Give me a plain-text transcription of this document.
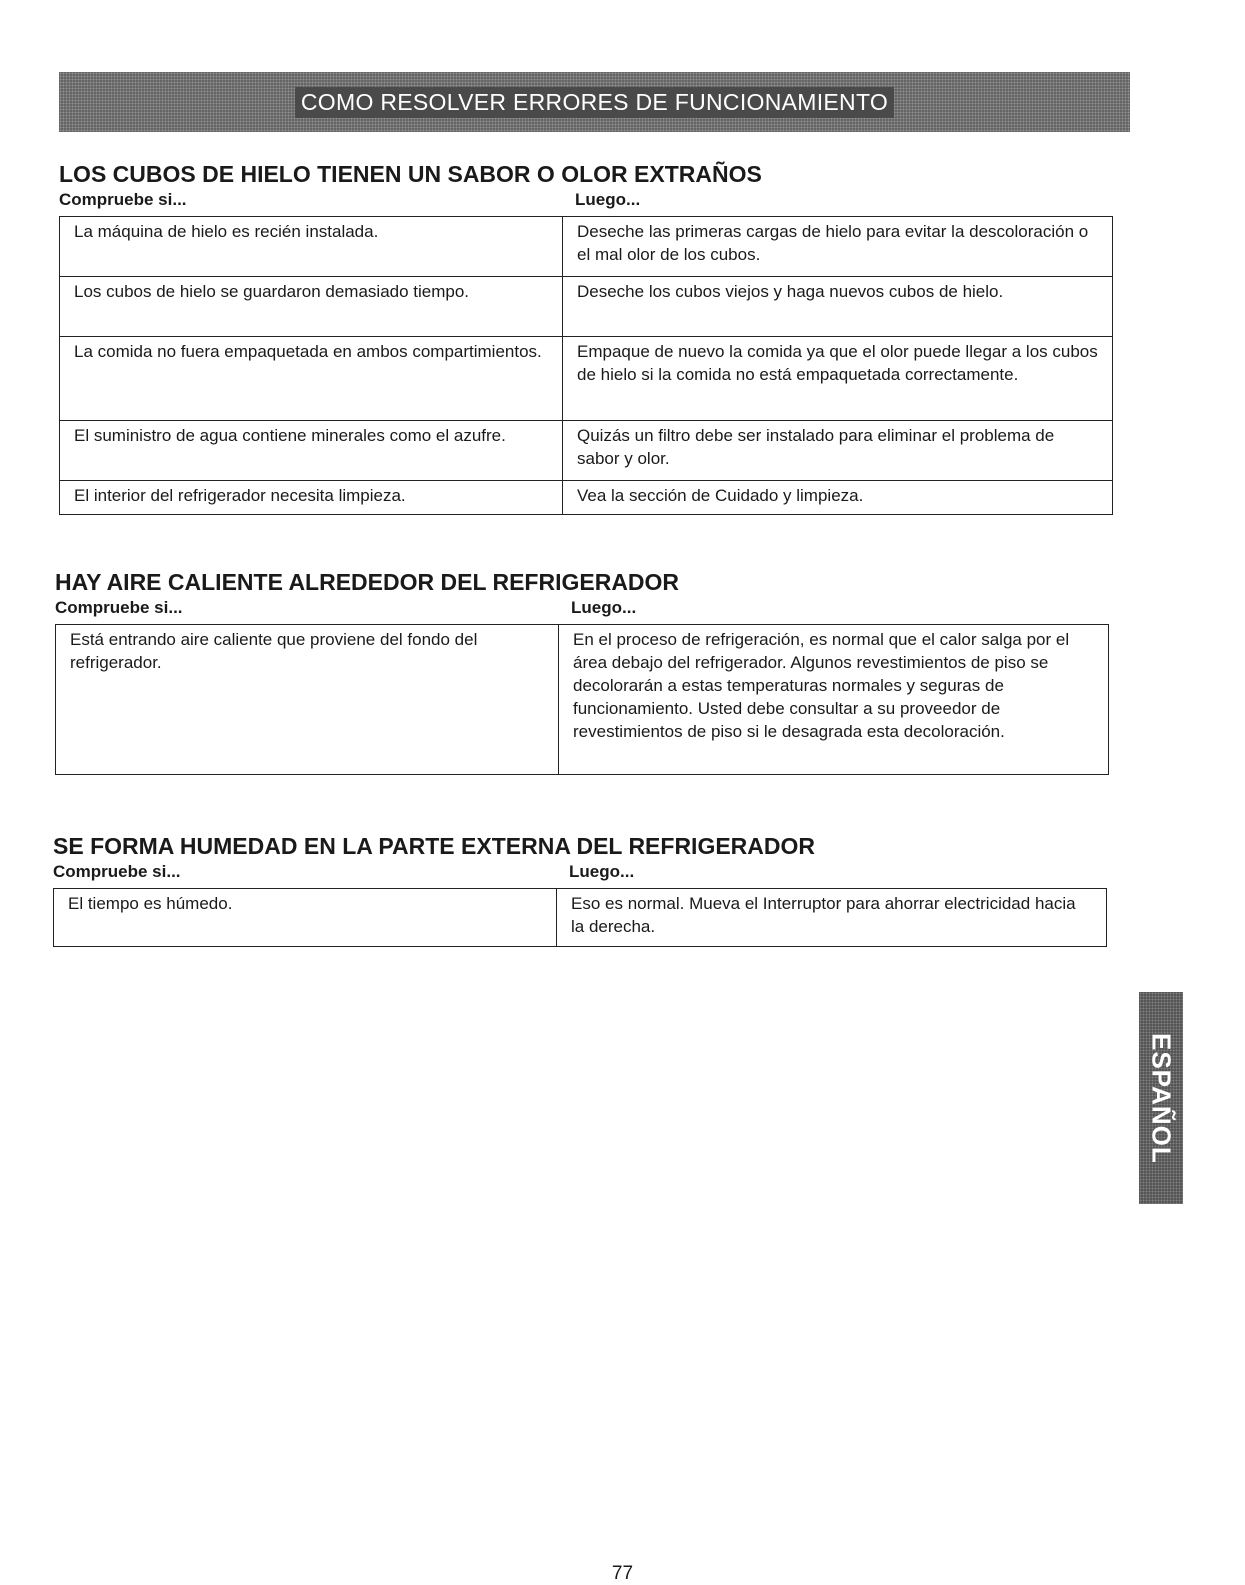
COMO RESOLVER ERRORES DE FUNCIONAMIENTO
LOS CUBOS DE HIELO TIENEN UN SABOR O OLOR EXTRAÑOS
Compruebe si...	Luego...
La máquina de hielo es recién instalada.	Deseche las primeras cargas de hielo para evitar la descoloración o el mal olor de los cubos.
Los cubos de hielo se guardaron demasiado tiempo.	Deseche los cubos viejos y haga nuevos cubos de hielo.
La comida no fuera empaquetada en ambos compartimientos.	Empaque de nuevo la comida ya que el olor puede llegar a los cubos de hielo si la comida no está empaquetada correctamente.
El suministro de agua contiene minerales como el azufre.	Quizás un filtro debe ser instalado para eliminar el problema de sabor y olor.
El interior del refrigerador necesita limpieza.	Vea la sección de Cuidado y limpieza.
HAY AIRE CALIENTE ALREDEDOR DEL REFRIGERADOR
Compruebe si...	Luego...
Está entrando aire caliente que proviene del fondo del refrigerador.	En el proceso de refrigeración, es normal que el calor salga por el área debajo del refrigerador. Algunos revestimientos de piso se decolorarán a estas temperaturas normales y seguras de funcionamiento. Usted debe consultar a su proveedor de revestimientos de piso si le desagrada esta decoloración.
SE FORMA HUMEDAD EN LA PARTE EXTERNA DEL REFRIGERADOR
Compruebe si...	Luego...
El tiempo es húmedo.	Eso es normal. Mueva el Interruptor para ahorrar electricidad hacia la derecha.
ESPAÑOL
77
